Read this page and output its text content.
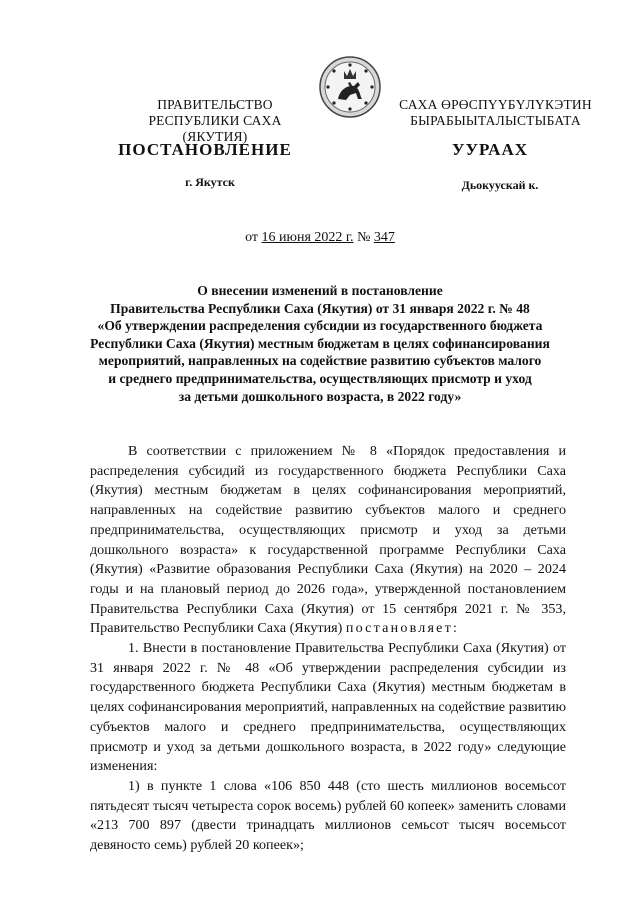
ПРАВИТЕЛЬСТВО
РЕСПУБЛИКИ САХА (ЯКУТИЯ)
САХА ӨРӨСПҮҮБҮЛҮКЭТИН
БЫРАБЫЫТАЛЫСТЫБАТА
ПОСТАНОВЛЕНИЕ	УУРААХ
г. Якутск	Дьокуускай к.
от 16 июня 2022 г. № 347
О внесении изменений в постановление
Правительства Республики Саха (Якутия) от 31 января 2022 г. № 48
«Об утверждении распределения субсидии из государственного бюджета
Республики Саха (Якутия) местным бюджетам в целях софинансирования
мероприятий, направленных на содействие развитию субъектов малого
и среднего предпринимательства, осуществляющих присмотр и уход
за детьми дошкольного возраста, в 2022 году»

В соответствии с приложением № 8 «Порядок предоставления и распределения субсидий из государственного бюджета Республики Саха (Якутия) местным бюджетам в целях софинансирования мероприятий, направленных на содействие развитию субъектов малого и среднего предпринимательства, осуществляющих присмотр и уход за детьми дошкольного возраста» к государственной программе Республики Саха (Якутия) «Развитие образования Республики Саха (Якутия) на 2020 – 2024 годы и на плановый период до 2026 года», утвержденной постановлением Правительства Республики Саха (Якутия) от 15 сентября 2021 г. № 353, Правительство Республики Саха (Якутия) постановляет:

1. Внести в постановление Правительства Республики Саха (Якутия) от 31 января 2022 г. № 48 «Об утверждении распределения субсидии из государственного бюджета Республики Саха (Якутия) местным бюджетам в целях софинансирования мероприятий, направленных на содействие развитию субъектов малого и среднего предпринимательства, осуществляющих присмотр и уход за детьми дошкольного возраста, в 2022 году» следующие изменения:

1) в пункте 1 слова «106 850 448 (сто шесть миллионов восемьсот пятьдесят тысяч четыреста сорок восемь) рублей 60 копеек» заменить словами «213 700 897 (двести тринадцать миллионов семьсот тысяч восемьсот девяносто семь) рублей 20 копеек»;
